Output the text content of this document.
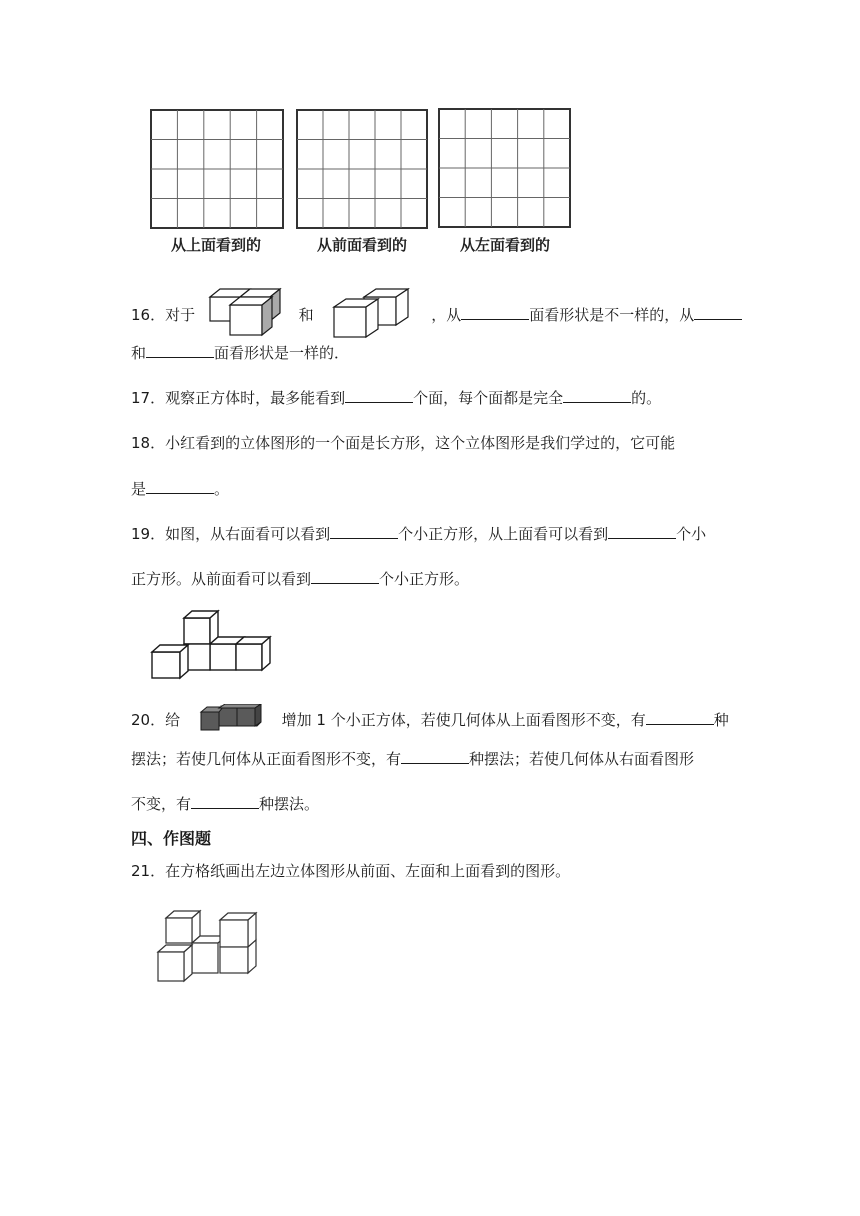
从上面看到的	从前面看到的	从左面看到的
16．对于	和	，从	面看形状是不一样的，从
和	面看形状是一样的．
17．观察正方体时，最多能看到	个面，每个面都是完全	的。
18．小红看到的立体图形的一个面是长方形，这个立体图形是我们学过的，它可能
是	。
19．如图，从右面看可以看到	个小正方形，从上面看可以看到	个小
正方形。从前面看可以看到	个小正方形。
20．给	增加 1 个小正方体，若使几何体从上面看图形不变，有	种
摆法；若使几何体从正面看图形不变，有	种摆法；若使几何体从右面看图形
不变，有	种摆法。
四、作图题
21．在方格纸画出左边立体图形从前面、左面和上面看到的图形。
